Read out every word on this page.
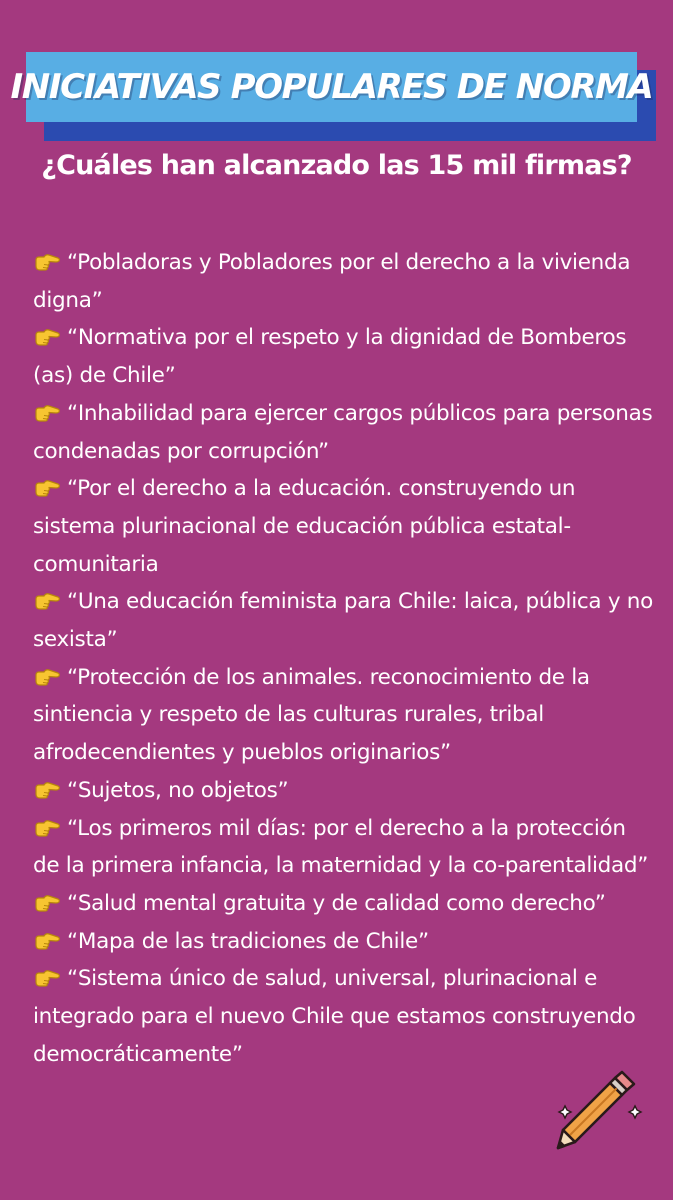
INICIATIVAS POPULARES DE NORMA
¿Cuáles han alcanzado las 15 mil firmas?
“Pobladoras y Pobladores por el derecho a la vivienda digna”
“Normativa por el respeto y la dignidad de Bomberos (as) de Chile”
“Inhabilidad para ejercer cargos públicos para personas condenadas por corrupción”
“Por el derecho a la educación. construyendo un sistema plurinacional de educación pública estatal-comunitaria
“Una educación feminista para Chile: laica, pública y no sexista”
“Protección de los animales. reconocimiento de la sintiencia y respeto de las culturas rurales, tribal afrodecendientes y pueblos originarios”
“Sujetos, no objetos”
“Los primeros mil días: por el derecho a la protección de la primera infancia, la maternidad y la co-parentalidad”
“Salud mental gratuita y de calidad como derecho”
“Mapa de las tradiciones de Chile”
“Sistema único de salud, universal, plurinacional e integrado para el nuevo Chile que estamos construyendo democráticamente”
